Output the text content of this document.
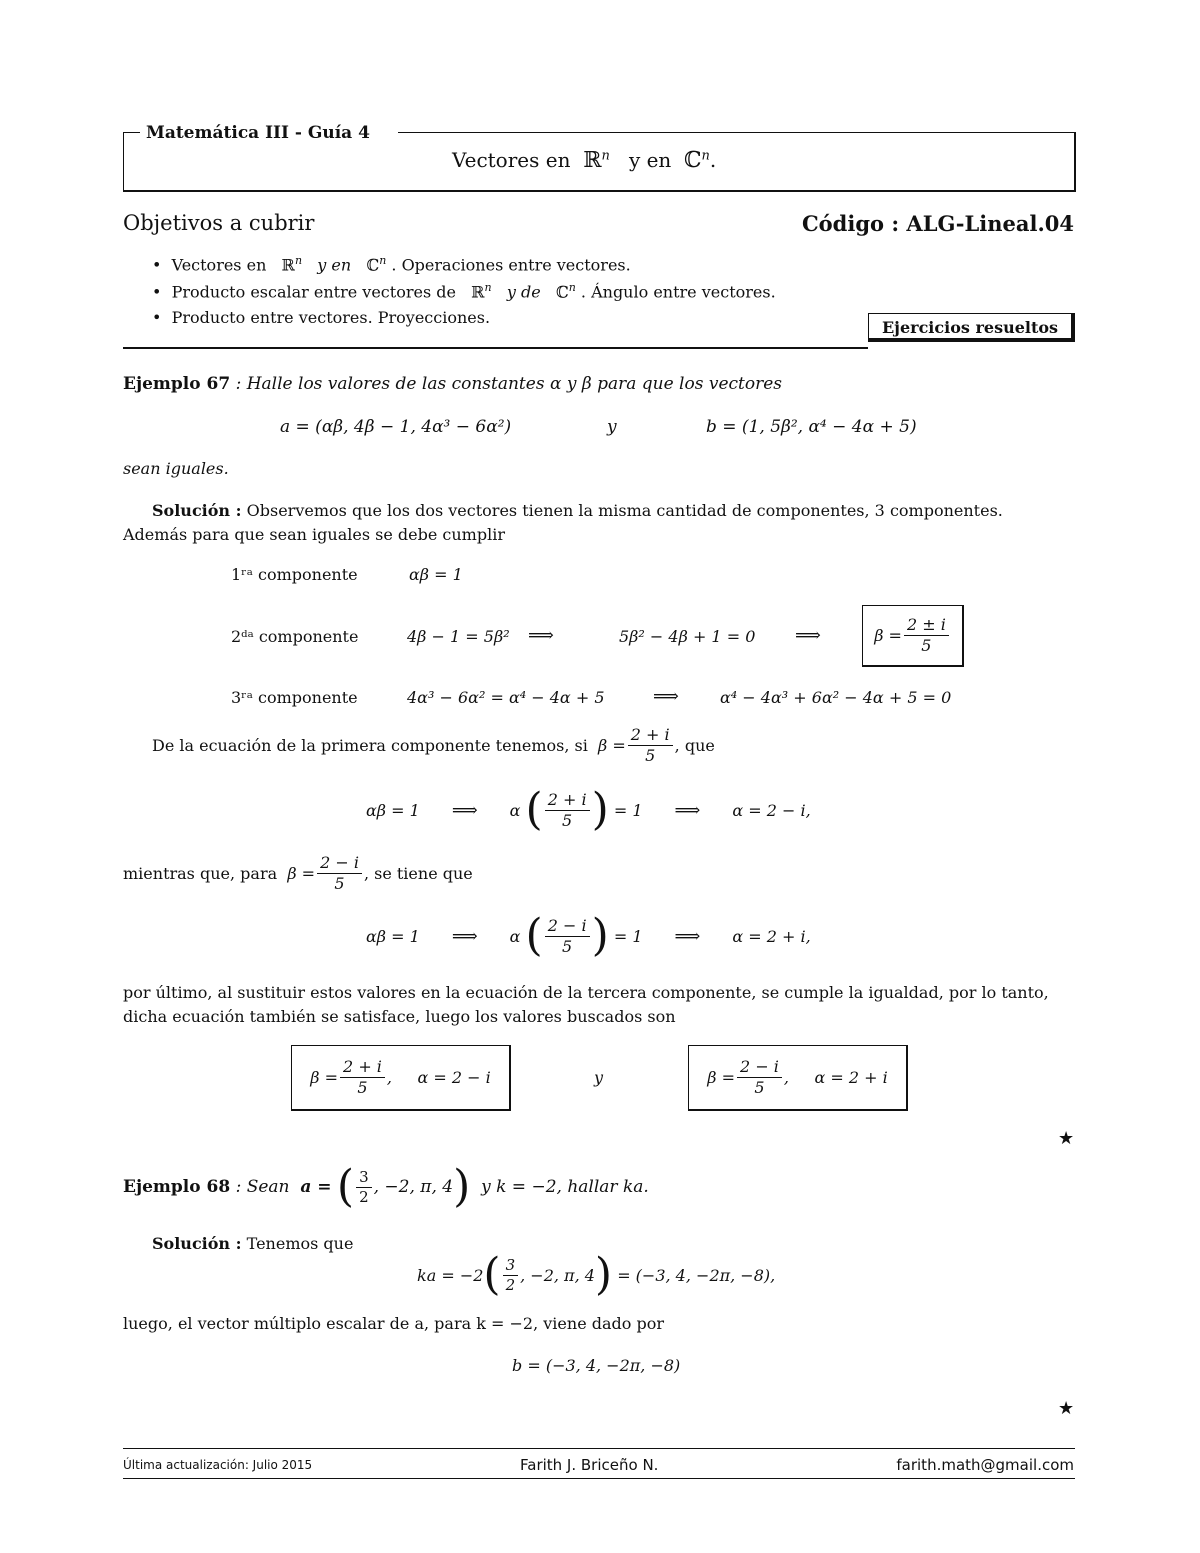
Matemática III - Guía 4
Vectores en ℝ$^n$ y en ℂ$^n$.
Objetivos a cubrir	Código : ALG-Lineal.04
• Vectores en ℝ$^n$ y en ℂ$^n$ . Operaciones entre vectores.
• Producto escalar entre vectores de ℝ$^n$ y de ℂ$^n$ . Ángulo entre vectores.
• Producto entre vectores. Proyecciones.
Ejercicios resueltos
Ejemplo 67 : Halle los valores de las constantes α y β para que los vectores
a = (αβ, 4β − 1, 4α³ − 6α²)	y	b = (1, 5β², α⁴ − 4α + 5)
sean iguales.
Solución : Observemos que los dos vectores tienen la misma cantidad de componentes, 3 componentes.
Además para que sean iguales se debe cumplir
1ʳᵃ componente	αβ = 1
2ᵈᵃ componente	4β − 1 = 5β² ⟹	5β² − 4β + 1 = 0 ⟹	$\beta = \frac{2 \pm i}{5}$
3ʳᵃ componente	4α³ − 6α² = α⁴ − 4α + 5	⟹	α⁴ − 4α³ + 6α² − 4α + 5 = 0
De la ecuación de la primera componente tenemos, si
$\beta = \frac{2 + i}{5}$ , que
αβ = 1 ⟹ α
( $\frac{2 + i}{5}$ )
= 1 ⟹ α = 2 − i,
mientras que, para
$\beta = \frac{2 - i}{5}$ , se tiene que
αβ = 1 ⟹ α
( $\frac{2 - i}{5}$ )
= 1 ⟹ α = 2 + i,
por último, al sustituir estos valores en la ecuación de la tercera componente, se cumple la igualdad, por lo tanto,
dicha ecuación también se satisface, luego los valores buscados son
$\beta = \frac{2 + i}{5}$ ,     α = 2 − i	y	$\beta = \frac{2 - i}{5}$ ,     α = 2 + i
★
Ejemplo 68
: Sean
a =
( $\frac{3}{2}$ , −2, π, 4 )
y k = −2, hallar ka.
Solución : Tenemos que
ka = −2 ( $\frac{3}{2}$ , −2, π, 4 )
= (−3, 4, −2π, −8),
luego, el vector múltiplo escalar de a, para k = −2, viene dado por
b = (−3, 4, −2π, −8)
★
Última actualización: Julio 2015	Farith J. Briceño N.	farith.math@gmail.com
